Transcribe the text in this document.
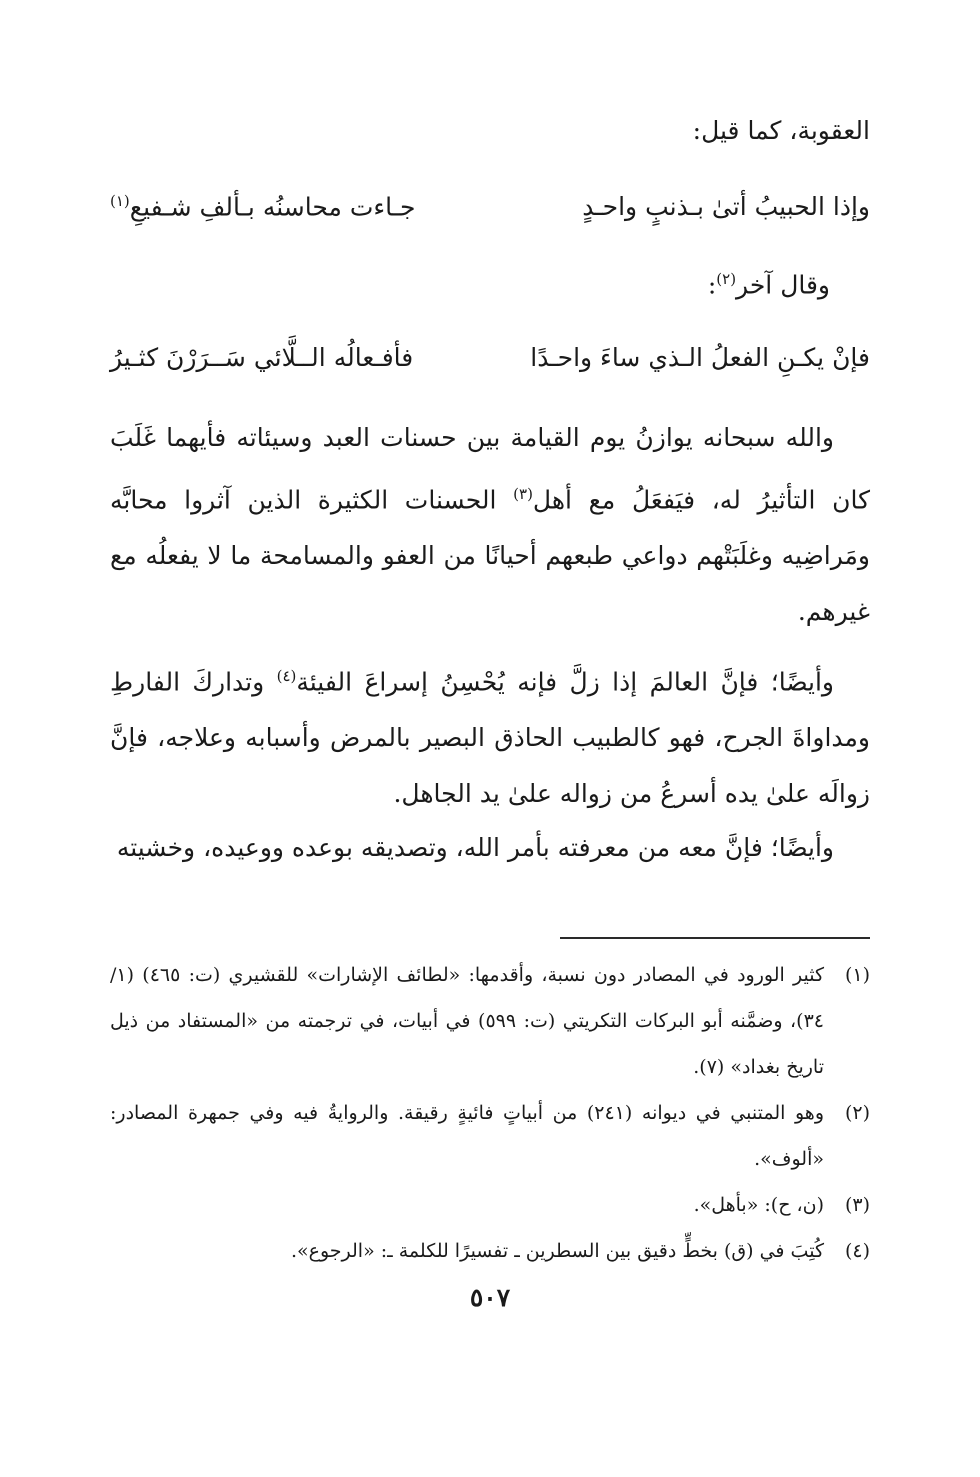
العقوبة، كما قيل:
وإذا الحبيبُ أتىٰ بـذنبٍ واحـدٍ
جـاءت محاسنُه بـألفِ شـفيعِ$^{(١)}$
وقال آخر$^{(٢)}$:
فإنْ يكـنِ الفعلُ الـذي ساءَ واحـدًا
فأفـعالُه الــلَّائي سَــرَرْنَ كثـيرُ
والله سبحانه يوازنُ يوم القيامة بين حسنات العبد وسيئاته فأيهما غَلَبَ كان التأثيرُ له، فيَفعَلُ مع أهل$^{(٣)}$ الحسنات الكثيرة الذين آثروا محابَّه ومَراضِيه وغلَبَتْهم دواعي طبعهم أحيانًا من العفو والمسامحة ما لا يفعلُه مع غيرهم.
وأيضًا؛ فإنَّ العالمَ إذا زلَّ فإنه يُحْسِنُ إسراعَ الفيئة$^{(٤)}$ وتداركَ الفارطِ ومداواةَ الجرح، فهو كالطبيب الحاذق البصير بالمرض وأسبابه وعلاجه، فإنَّ زوالَه علىٰ يده أسرعُ من زواله علىٰ يد الجاهل.
وأيضًا؛ فإنَّ معه من معرفته بأمر الله، وتصديقه بوعده ووعيده، وخشيته
(١)
كثير الورود في المصادر دون نسبة، وأقدمها: «لطائف الإشارات» للقشيري (ت: ٤٦٥) (١/ ٣٤)، وضمَّنه أبو البركات التكريتي (ت: ٥٩٩) في أبيات، في ترجمته من «المستفاد من ذيل تاريخ بغداد» (٧).
(٢)
وهو المتنبي في ديوانه (٢٤١) من أبياتٍ فائيةٍ رقيقة. والروايةُ فيه وفي جمهرة المصادر: «ألوف».
(٣)
(ن، ح): «بأهل».
(٤)
كُتِبَ في (ق) بخطٍّ دقيق بين السطرين ـ تفسيرًا للكلمة ـ: «الرجوع».
٥٠٧
